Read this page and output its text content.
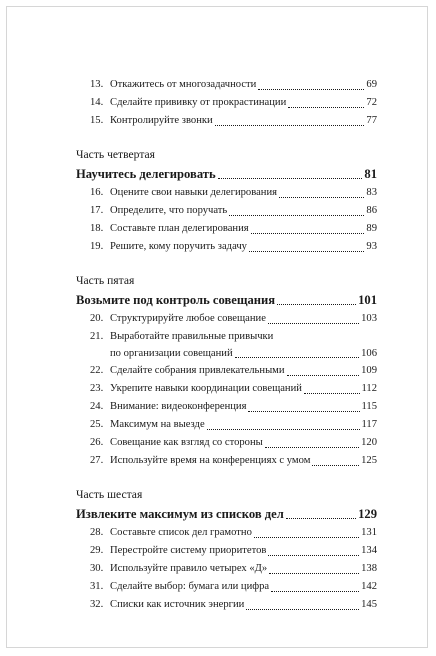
13. Откажитесь от многозадачности	69
14. Сделайте прививку от прокрастинации	72
15. Контролируйте звонки	77
Часть четвертая
Научитесь делегировать	81
16. Оцените свои навыки делегирования	83
17. Определите, что поручать	86
18. Составьте план делегирования	89
19. Решите, кому поручить задачу	93
Часть пятая
Возьмите под контроль совещания	101
20. Структурируйте любое совещание	103
21. Выработайте правильные привычки
по организации совещаний	106
22. Сделайте собрания привлекательными	109
23. Укрепите навыки координации совещаний	112
24. Внимание: видеоконференция	115
25. Максимум на выезде	117
26. Совещание как взгляд со стороны	120
27. Используйте время на конференциях с умом	125
Часть шестая
Извлеките максимум из списков дел	129
28. Составьте список дел грамотно	131
29. Перестройте систему приоритетов	134
30. Используйте правило четырех «Д»	138
31. Сделайте выбор: бумага или цифра	142
32. Списки как источник энергии	145
